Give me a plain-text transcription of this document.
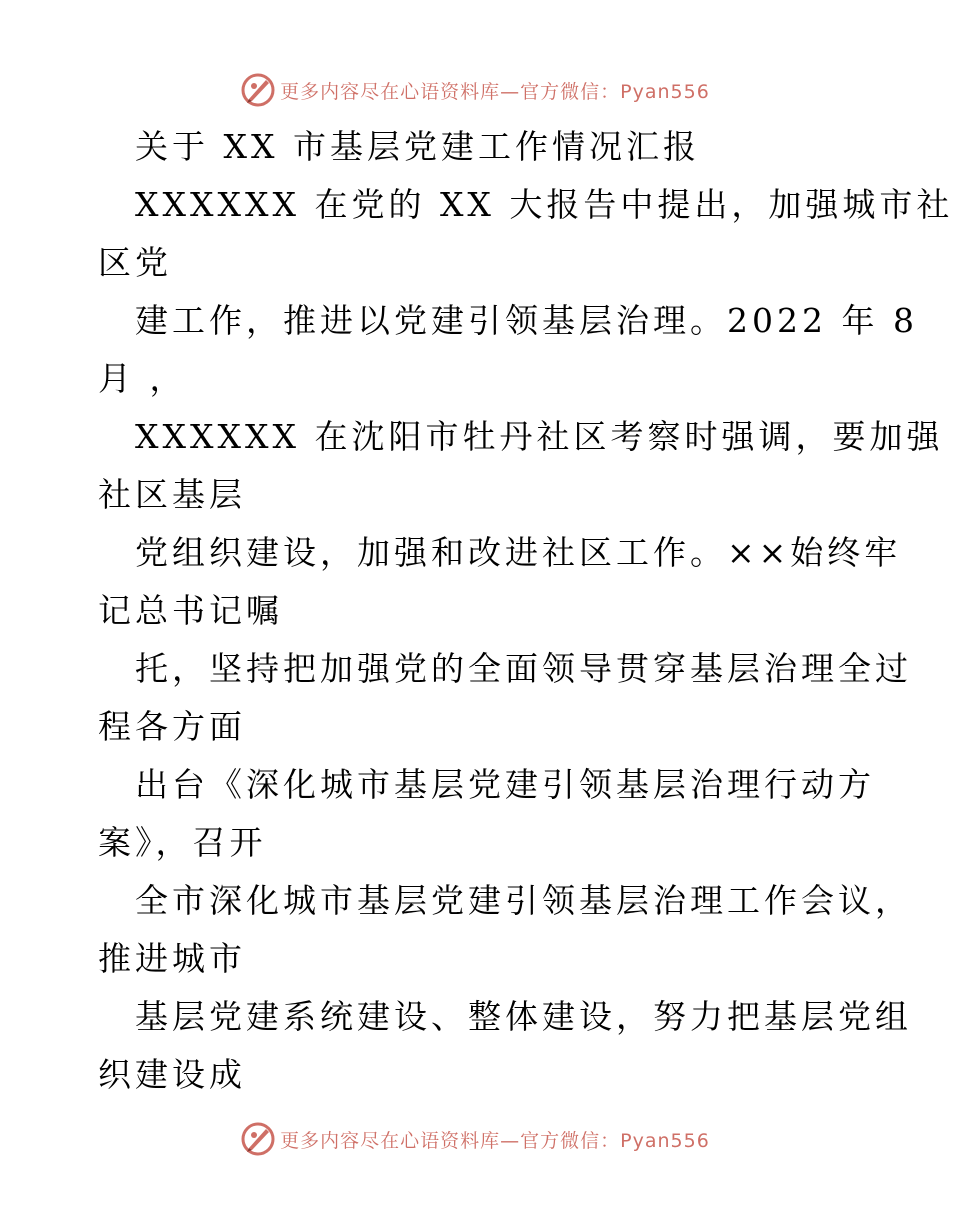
更多内容尽在心语资料库—官方微信：Pyan556
关于 XX 市基层党建工作情况汇报
XXXXXX 在党的 XX 大报告中提出，加强城市社
区党
建工作，推进以党建引领基层治理。2022 年 8
月 ，
XXXXXX 在沈阳市牡丹社区考察时强调，要加强
社区基层
党组织建设，加强和改进社区工作。××始终牢
记总书记嘱
托，坚持把加强党的全面领导贯穿基层治理全过
程各方面
出台《深化城市基层党建引领基层治理行动方
案》，召开
全市深化城市基层党建引领基层治理工作会议，
推进城市
基层党建系统建设、整体建设，努力把基层党组
织建设成
更多内容尽在心语资料库—官方微信：Pyan556
